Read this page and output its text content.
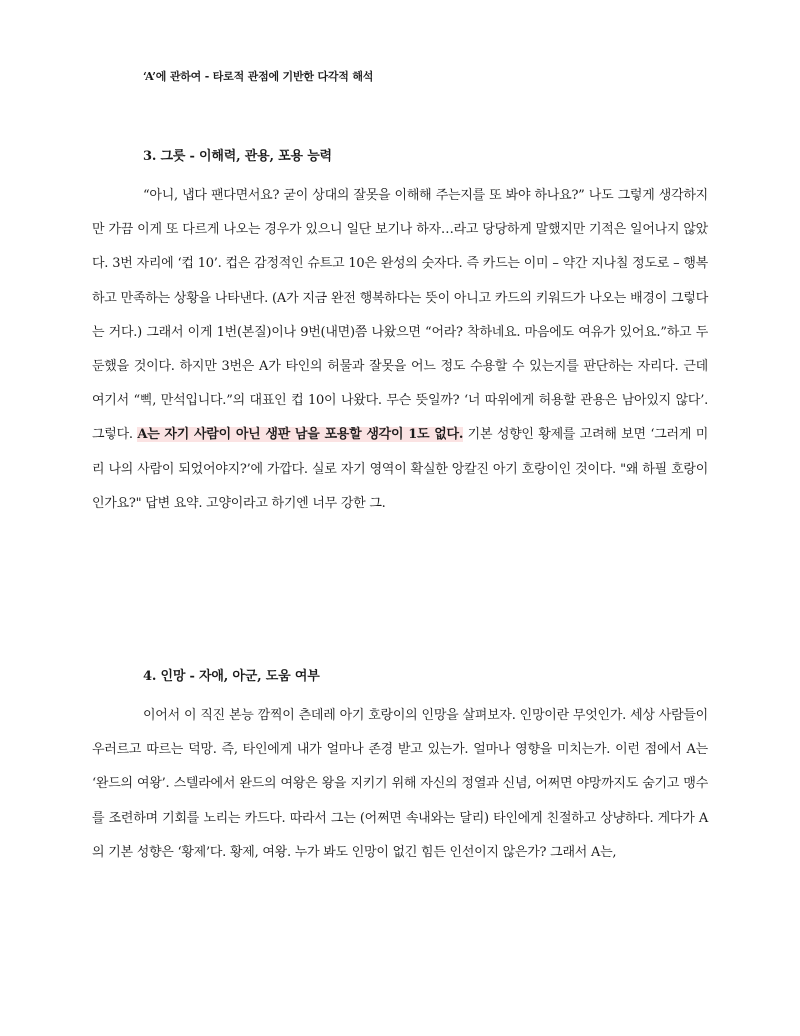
‘A’에 관하여 - 타로적 관점에 기반한 다각적 해석
3. 그릇 - 이해력, 관용, 포용 능력

“아니, 냅다 팬다면서요? 굳이 상대의 잘못을 이해해 주는지를 또 봐야 하나요?” 나도 그렇게 생각하지만 가끔 이게 또 다르게 나오는 경우가 있으니 일단 보기나 하자…라고 당당하게 말했지만 기적은 일어나지 않았다. 3번 자리에 ‘컵 10’. 컵은 감정적인 슈트고 10은 완성의 숫자다. 즉 카드는 이미 – 약간 지나칠 정도로 – 행복하고 만족하는 상황을 나타낸다. (A가 지금 완전 행복하다는 뜻이 아니고 카드의 키워드가 나오는 배경이 그렇다는 거다.) 그래서 이게 1번(본질)이나 9번(내면)쯤 나왔으면 “어라? 착하네요. 마음에도 여유가 있어요.”하고 두둔했을 것이다. 하지만 3번은 A가 타인의 허물과 잘못을 어느 정도 수용할 수 있는지를 판단하는 자리다. 근데 여기서 “삑, 만석입니다.”의 대표인 컵 10이 나왔다. 무슨 뜻일까? ‘너 따위에게 허용할 관용은 남아있지 않다’. 그렇다. A는 자기 사람이 아닌 생판 남을 포용할 생각이 1도 없다. 기본 성향인 황제를 고려해 보면 ‘그러게 미리 나의 사람이 되었어야지?’에 가깝다. 실로 자기 영역이 확실한 앙칼진 아기 호랑이인 것이다. "왜 하필 호랑이인가요?" 답변 요약. 고양이라고 하기엔 너무 강한 그.

4. 인망 - 자애, 아군, 도움 여부

이어서 이 직진 본능 깜찍이 츤데레 아기 호랑이의 인망을 살펴보자. 인망이란 무엇인가. 세상 사람들이 우러르고 따르는 덕망. 즉, 타인에게 내가 얼마나 존경 받고 있는가. 얼마나 영향을 미치는가. 이런 점에서 A는 ‘완드의 여왕’. 스텔라에서 완드의 여왕은 왕을 지키기 위해 자신의 정열과 신념, 어쩌면 야망까지도 숨기고 맹수를 조련하며 기회를 노리는 카드다. 따라서 그는 (어쩌면 속내와는 달리) 타인에게 친절하고 상냥하다. 게다가 A의 기본 성향은 ‘황제’다. 황제, 여왕. 누가 봐도 인망이 없긴 힘든 인선이지 않은가? 그래서 A는,
